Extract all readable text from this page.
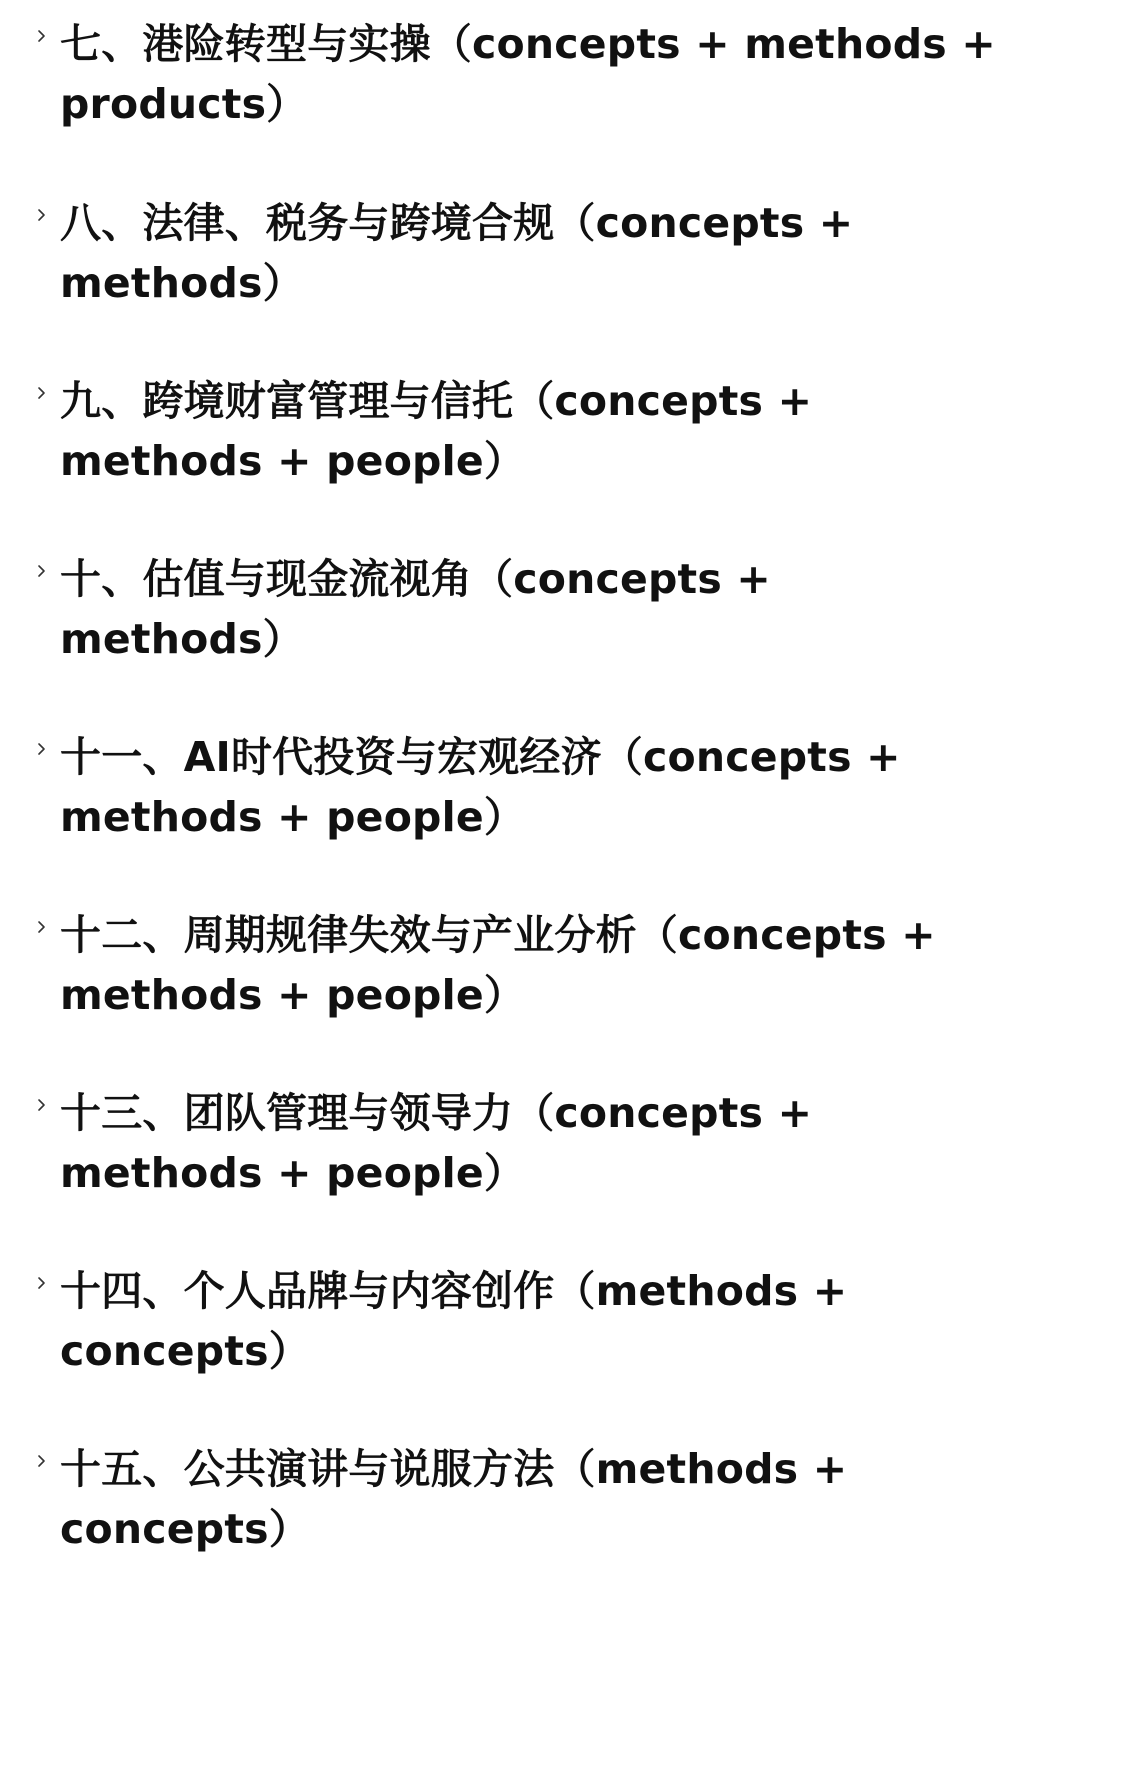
七、港险转型与实操（concepts + methods + products）

八、法律、税务与跨境合规（concepts + methods）

九、跨境财富管理与信托（concepts + methods + people）

十、估值与现金流视角（concepts + methods）

十一、AI时代投资与宏观经济（concepts + methods + people）

十二、周期规律失效与产业分析（concepts + methods + people）

十三、团队管理与领导力（concepts + methods + people）

十四、个人品牌与内容创作（methods + concepts）

十五、公共演讲与说服方法（methods + concepts）
